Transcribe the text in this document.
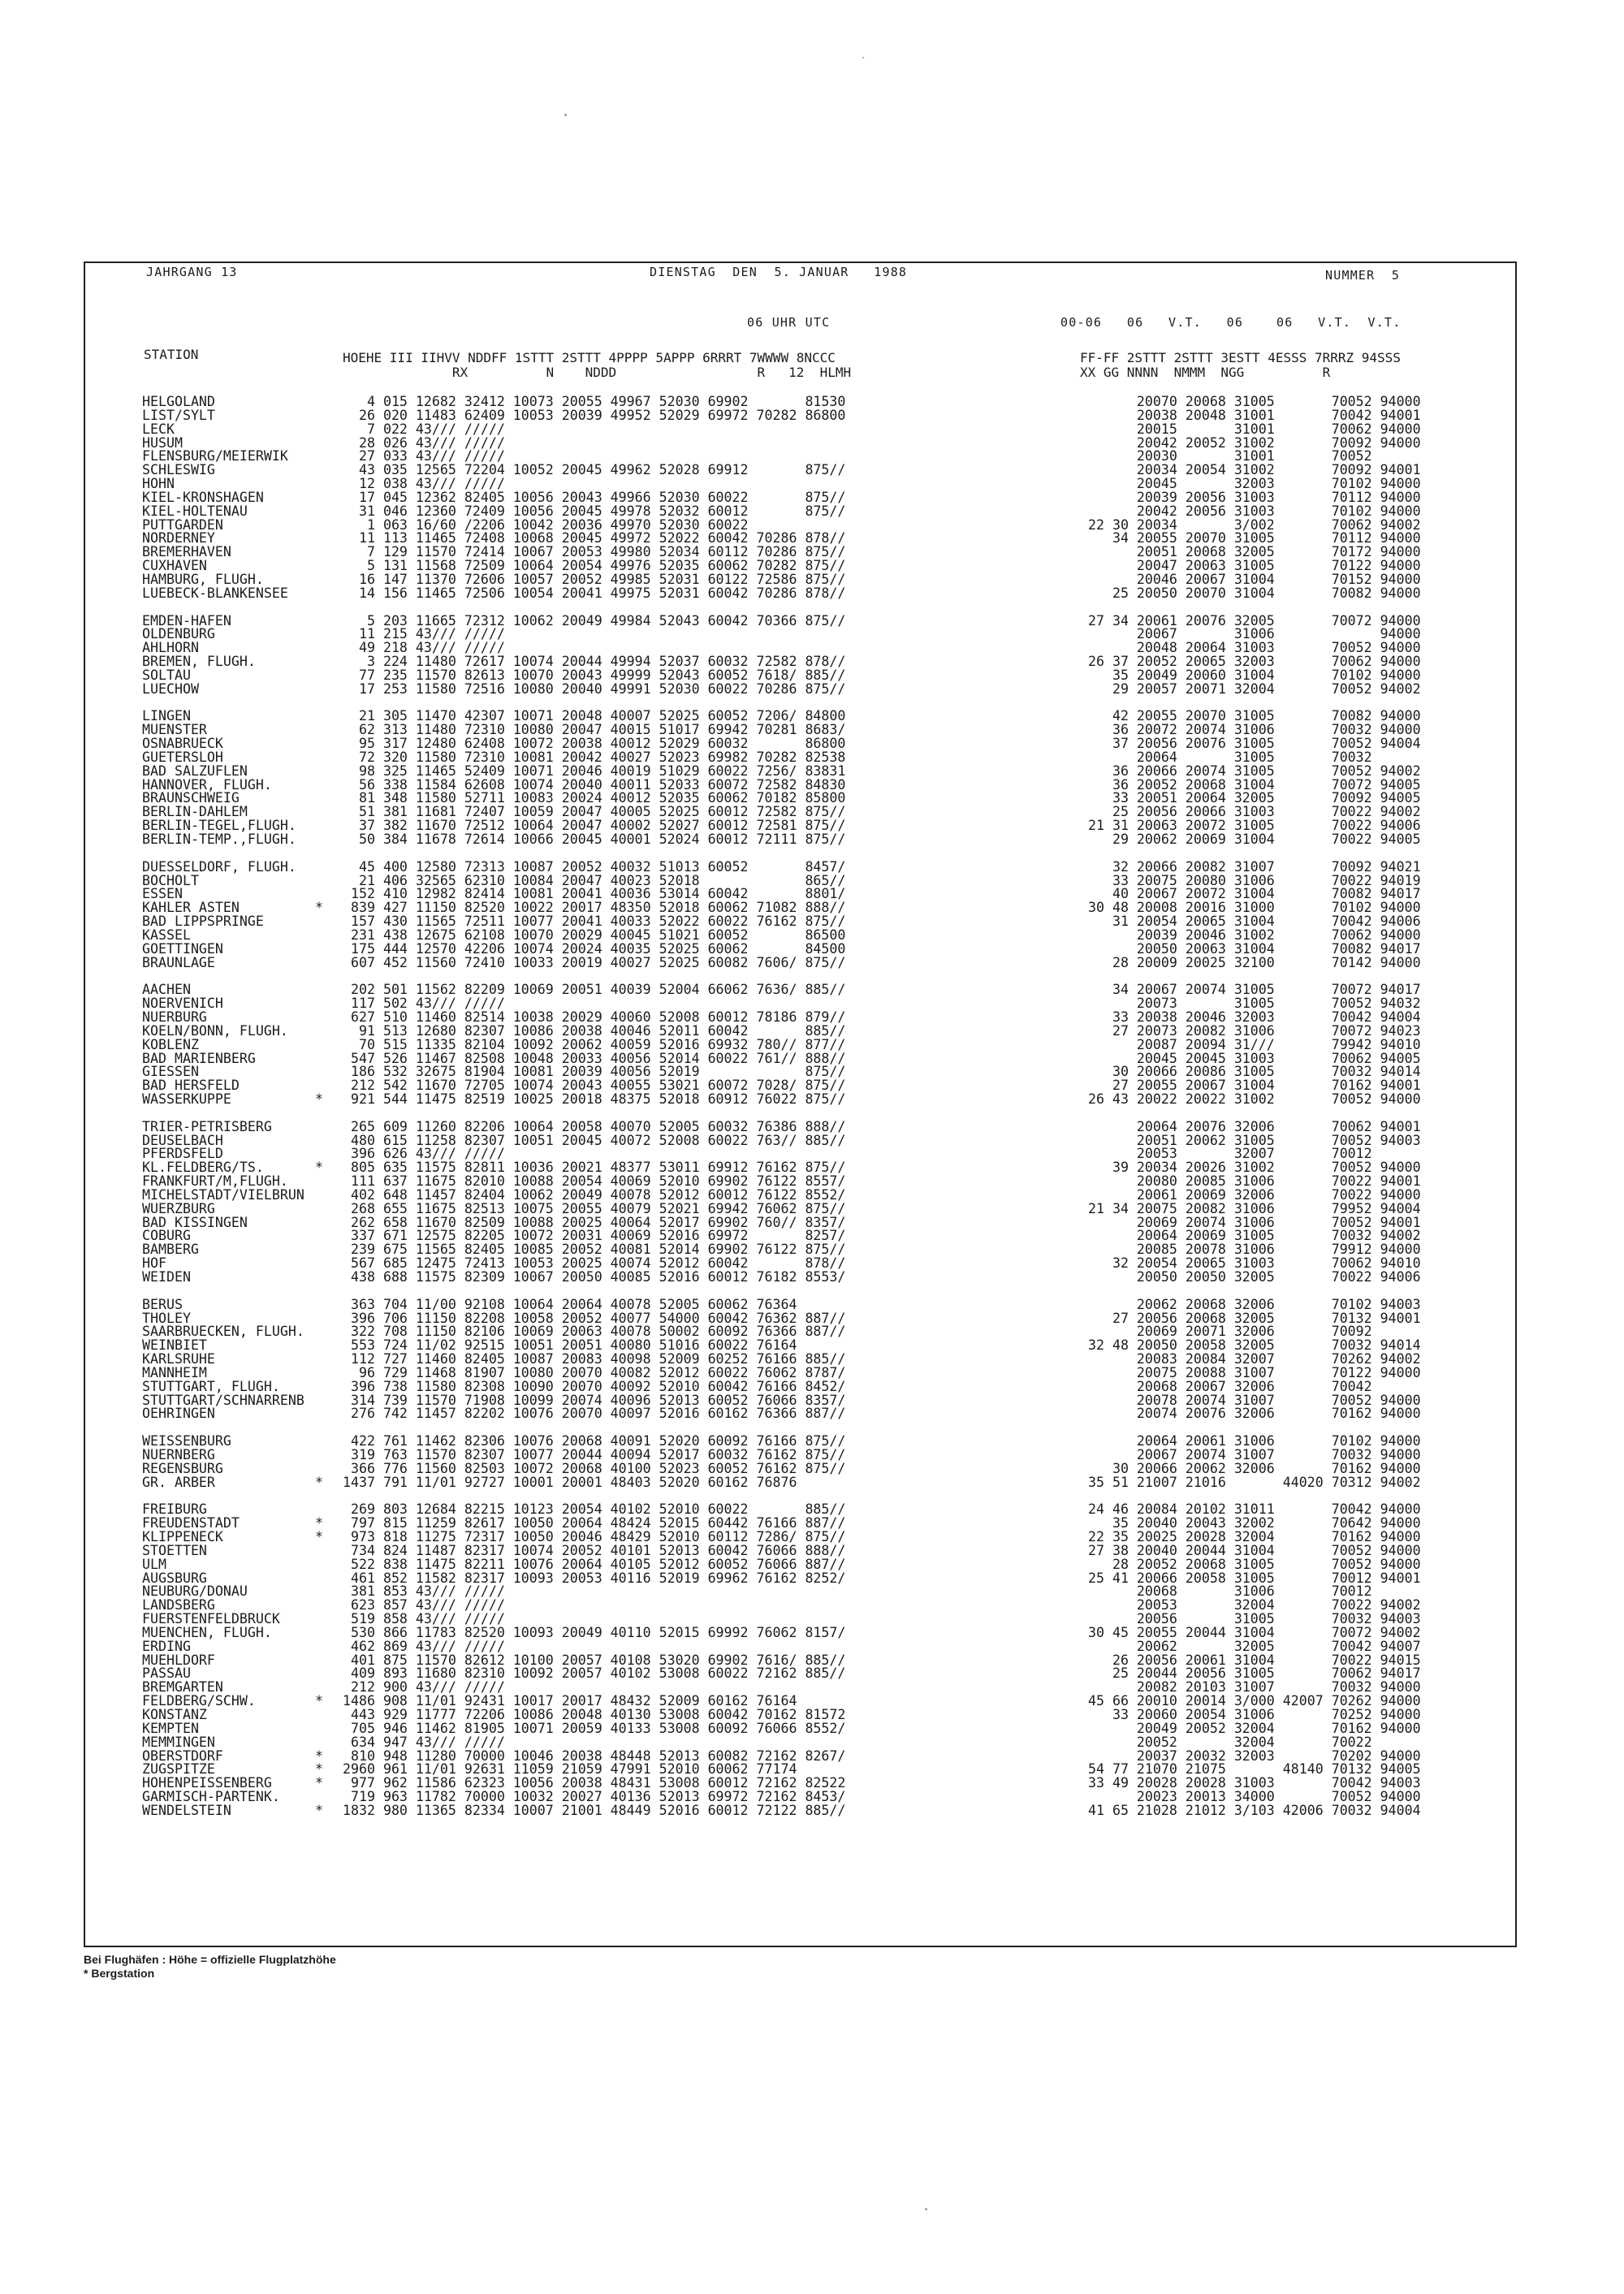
JAHRGANG 13	DIENSTAG  DEN  5. JANUAR   1988	NUMMER  5
06 UHR UTC	00-06   06   V.T.   06    06   V.T.  V.T.
STATION	HOEHE III IIHVV NDDFF 1STTT 2STTT 4PPPP 5APPP 6RRRT 7WWWW 8NCCC
RX          N    NDDD                  R   12  HLMH
FF-FF 2STTT 2STTT 3ESTT 4ESSS 7RRRZ 94SSS
XX GG NNNN  NMMM  NGG          R
HELGOLAND	4 015 12682 32412 10073 20055 49967 52030 69902       81530	20070 20068 31005       70052 94000
LIST/SYLT	26 020 11483 62409 10053 20039 49952 52029 69972 70282 86800	20038 20048 31001       70042 94001
LECK	7 022 43/// /////	20015       31001       70062 94000
HUSUM	28 026 43/// /////	20042 20052 31002       70092 94000
FLENSBURG/MEIERWIK	27 033 43/// /////	20030       31001       70052
SCHLESWIG	43 035 12565 72204 10052 20045 49962 52028 69912       875//	20034 20054 31002       70092 94001
HOHN	12 038 43/// /////	20045       32003       70102 94000
KIEL-KRONSHAGEN	17 045 12362 82405 10056 20043 49966 52030 60022       875//	20039 20056 31003       70112 94000
KIEL-HOLTENAU	31 046 12360 72409 10056 20045 49978 52032 60012       875//	20042 20056 31003       70102 94000
PUTTGARDEN	1 063 16/60 /2206 10042 20036 49970 52030 60022	22 30 20034       3/002       70062 94002
NORDERNEY	11 113 11465 72408 10068 20045 49972 52022 60042 70286 878//	34 20055 20070 31005       70112 94000
BREMERHAVEN	7 129 11570 72414 10067 20053 49980 52034 60112 70286 875//	20051 20068 32005       70172 94000
CUXHAVEN	5 131 11568 72509 10064 20054 49976 52035 60062 70282 875//	20047 20063 31005       70122 94000
HAMBURG, FLUGH.	16 147 11370 72606 10057 20052 49985 52031 60122 72586 875//	20046 20067 31004       70152 94000
LUEBECK-BLANKENSEE	14 156 11465 72506 10054 20041 49975 52031 60042 70286 878//	25 20050 20070 31004       70082 94000
EMDEN-HAFEN	5 203 11665 72312 10062 20049 49984 52043 60042 70366 875//	27 34 20061 20076 32005       70072 94000
OLDENBURG	11 215 43/// /////	20067       31006             94000
AHLHORN	49 218 43/// /////	20048 20064 31003       70052 94000
BREMEN, FLUGH.	3 224 11480 72617 10074 20044 49994 52037 60032 72582 878//	26 37 20052 20065 32003       70062 94000
SOLTAU	77 235 11570 82613 10070 20043 49999 52043 60052 7618/ 885//	35 20049 20060 31004       70102 94000
LUECHOW	17 253 11580 72516 10080 20040 49991 52030 60022 70286 875//	29 20057 20071 32004       70052 94002
LINGEN	21 305 11470 42307 10071 20048 40007 52025 60052 7206/ 84800	42 20055 20070 31005       70082 94000
MUENSTER	62 313 11480 72310 10080 20047 40015 51017 69942 70281 8683/	36 20072 20074 31006       70032 94000
OSNABRUECK	95 317 12480 62408 10072 20038 40012 52029 60032       86800	37 20056 20076 31005       70052 94004
GUETERSLOH	72 320 11580 72310 10081 20042 40027 52023 69982 70282 82538	20064       31005       70032
BAD SALZUFLEN	98 325 11465 52409 10071 20046 40019 51029 60022 7256/ 83831	36 20066 20074 31005       70052 94002
HANNOVER, FLUGH.	56 338 11584 62608 10074 20040 40011 52033 60072 72582 84830	36 20052 20068 31004       70072 94005
BRAUNSCHWEIG	81 348 11580 52711 10083 20024 40012 52035 60062 70182 85800	33 20051 20064 32005       70092 94005
BERLIN-DAHLEM	51 381 11681 72407 10059 20047 40005 52025 60012 72582 875//	25 20056 20066 31003       70022 94002
BERLIN-TEGEL,FLUGH.	37 382 11670 72512 10064 20047 40002 52027 60012 72581 875//	21 31 20063 20072 31005       70022 94006
BERLIN-TEMP.,FLUGH.	50 384 11678 72614 10066 20045 40001 52024 60012 72111 875//	29 20062 20069 31004       70022 94005
DUESSELDORF, FLUGH.	45 400 12580 72313 10087 20052 40032 51013 60052       8457/	32 20066 20082 31007       70092 94021
BOCHOLT	21 406 32565 62310 10084 20047 40023 52018             865//	33 20075 20080 31006       70022 94019
ESSEN	152 410 12982 82414 10081 20041 40036 53014 60042       8801/	40 20067 20072 31004       70082 94017
KAHLER ASTEN	* 839 427 11150 82520 10022 20017 48350 52018 60062 71082 888//	30 48 20008 20016 31000       70102 94000
BAD LIPPSPRINGE	157 430 11565 72511 10077 20041 40033 52022 60022 76162 875//	31 20054 20065 31004       70042 94006
KASSEL	231 438 12675 62108 10070 20029 40045 51021 60052       86500	20039 20046 31002       70062 94000
GOETTINGEN	175 444 12570 42206 10074 20024 40035 52025 60062       84500	20050 20063 31004       70082 94017
BRAUNLAGE	607 452 11560 72410 10033 20019 40027 52025 60082 7606/ 875//	28 20009 20025 32100       70142 94000
AACHEN	202 501 11562 82209 10069 20051 40039 52004 66062 7636/ 885//	34 20067 20074 31005       70072 94017
NOERVENICH	117 502 43/// /////	20073       31005       70052 94032
NUERBURG	627 510 11460 82514 10038 20029 40060 52008 60012 78186 879//	33 20038 20046 32003       70042 94004
KOELN/BONN, FLUGH.	91 513 12680 82307 10086 20038 40046 52011 60042       885//	27 20073 20082 31006       70072 94023
KOBLENZ	70 515 11335 82104 10092 20062 40059 52016 69932 780// 877//	20087 20094 31///       79942 94010
BAD MARIENBERG	547 526 11467 82508 10048 20033 40056 52014 60022 761// 888//	20045 20045 31003       70062 94005
GIESSEN	186 532 32675 81904 10081 20039 40056 52019             875//	30 20066 20086 31005       70032 94014
BAD HERSFELD	212 542 11670 72705 10074 20043 40055 53021 60072 7028/ 875//	27 20055 20067 31004       70162 94001
WASSERKUPPE	* 921 544 11475 82519 10025 20018 48375 52018 60912 76022 875//	26 43 20022 20022 31002       70052 94000
TRIER-PETRISBERG	265 609 11260 82206 10064 20058 40070 52005 60032 76386 888//	20064 20076 32006       70062 94001
DEUSELBACH	480 615 11258 82307 10051 20045 40072 52008 60022 763// 885//	20051 20062 31005       70052 94003
PFERDSFELD	396 626 43/// /////	20053       32007       70012
KL.FELDBERG/TS.	* 805 635 11575 82811 10036 20021 48377 53011 69912 76162 875//	39 20034 20026 31002       70052 94000
FRANKFURT/M,FLUGH.	111 637 11675 82010 10088 20054 40069 52010 69902 76122 8557/	20080 20085 31006       70022 94001
MICHELSTADT/VIELBRUN	402 648 11457 82404 10062 20049 40078 52012 60012 76122 8552/	20061 20069 32006       70022 94000
WUERZBURG	268 655 11675 82513 10075 20055 40079 52021 69942 76062 875//	21 34 20075 20082 31006       79952 94004
BAD KISSINGEN	262 658 11670 82509 10088 20025 40064 52017 69902 760// 8357/	20069 20074 31006       70052 94001
COBURG	337 671 12575 82205 10072 20031 40069 52016 69972       8257/	20064 20069 31005       70032 94002
BAMBERG	239 675 11565 82405 10085 20052 40081 52014 69902 76122 875//	20085 20078 31006       79912 94000
HOF	567 685 12475 72413 10053 20025 40074 52012 60042       878//	32 20054 20065 31003       70062 94010
WEIDEN	438 688 11575 82309 10067 20050 40085 52016 60012 76182 8553/	20050 20050 32005       70022 94006
BERUS	363 704 11/00 92108 10064 20064 40078 52005 60062 76364	20062 20068 32006       70102 94003
THOLEY	396 706 11150 82208 10058 20052 40077 54000 60042 76362 887//	27 20056 20068 32005       70132 94001
SAARBRUECKEN, FLUGH.	322 708 11150 82106 10069 20063 40078 50002 60092 76366 887//	20069 20071 32006       70092
WEINBIET	553 724 11/02 92515 10051 20051 40080 51016 60022 76164	32 48 20050 20058 32005       70032 94014
KARLSRUHE	112 727 11460 82405 10087 20083 40098 52009 60252 76166 885//	20083 20084 32007       70262 94002
MANNHEIM	96 729 11468 81907 10080 20070 40082 52012 60022 76062 8787/	20075 20088 31007       70122 94000
STUTTGART, FLUGH.	396 738 11580 82308 10090 20070 40092 52010 60042 76166 8452/	20068 20067 32006       70042
STUTTGART/SCHNARRENB	314 739 11570 71908 10099 20074 40096 52013 60052 76066 8357/	20078 20074 31007       70052 94000
OEHRINGEN	276 742 11457 82202 10076 20070 40097 52016 60162 76366 887//	20074 20076 32006       70162 94000
WEISSENBURG	422 761 11462 82306 10076 20068 40091 52020 60092 76166 875//	20064 20061 31006       70102 94000
NUERNBERG	319 763 11570 82307 10077 20044 40094 52017 60032 76162 875//	20067 20074 31007       70032 94000
REGENSBURG	366 776 11560 82503 10072 20068 40100 52023 60052 76162 875//	30 20066 20062 32006       70162 94000
GR. ARBER	* 1437 791 11/01 92727 10001 20001 48403 52020 60162 76876	35 51 21007 21016       44020 70312 94002
FREIBURG	269 803 12684 82215 10123 20054 40102 52010 60022       885//	24 46 20084 20102 31011       70042 94000
FREUDENSTADT	* 797 815 11259 82617 10050 20064 48424 52015 60442 76166 887//	35 20040 20043 32002       70642 94000
KLIPPENECK	* 973 818 11275 72317 10050 20046 48429 52010 60112 7286/ 875//	22 35 20025 20028 32004       70162 94000
STOETTEN	734 824 11487 82317 10074 20052 40101 52013 60042 76066 888//	27 38 20040 20044 31004       70052 94000
ULM	522 838 11475 82211 10076 20064 40105 52012 60052 76066 887//	28 20052 20068 31005       70052 94000
AUGSBURG	461 852 11582 82317 10093 20053 40116 52019 69962 76162 8252/	25 41 20066 20058 31005       70012 94001
NEUBURG/DONAU	381 853 43/// /////	20068       31006       70012
LANDSBERG	623 857 43/// /////	20053       32004       70022 94002
FUERSTENFELDBRUCK	519 858 43/// /////	20056       31005       70032 94003
MUENCHEN, FLUGH.	530 866 11783 82520 10093 20049 40110 52015 69992 76062 8157/	30 45 20055 20044 31004       70072 94002
ERDING	462 869 43/// /////	20062       32005       70042 94007
MUEHLDORF	401 875 11570 82612 10100 20057 40108 53020 69902 7616/ 885//	26 20056 20061 31004       70022 94015
PASSAU	409 893 11680 82310 10092 20057 40102 53008 60022 72162 885//	25 20044 20056 31005       70062 94017
BREMGARTEN	212 900 43/// /////	20082 20103 31007       70032 94000
FELDBERG/SCHW.	* 1486 908 11/01 92431 10017 20017 48432 52009 60162 76164	45 66 20010 20014 3/000 42007 70262 94000
KONSTANZ	443 929 11777 72206 10086 20048 40130 53008 60042 70162 81572	33 20060 20054 31006       70252 94000
KEMPTEN	705 946 11462 81905 10071 20059 40133 53008 60092 76066 8552/	20049 20052 32004       70162 94000
MEMMINGEN	634 947 43/// /////	20052       32004       70022
OBERSTDORF	* 810 948 11280 70000 10046 20038 48448 52013 60082 72162 8267/	20037 20032 32003       70202 94000
ZUGSPITZE	* 2960 961 11/01 92631 11059 21059 47991 52010 60062 77174	54 77 21070 21075       48140 70132 94005
HOHENPEISSENBERG	* 977 962 11586 62323 10056 20038 48431 53008 60012 72162 82522	33 49 20028 20028 31003       70042 94003
GARMISCH-PARTENK.	719 963 11782 70000 10032 20027 40136 52013 69972 72162 8453/	20023 20013 34000       70052 94000
WENDELSTEIN	* 1832 980 11365 82334 10007 21001 48449 52016 60012 72122 885//	41 65 21028 21012 3/103 42006 70032 94004
Bei Flughäfen : Höhe = offizielle Flugplatzhöhe
* Bergstation
